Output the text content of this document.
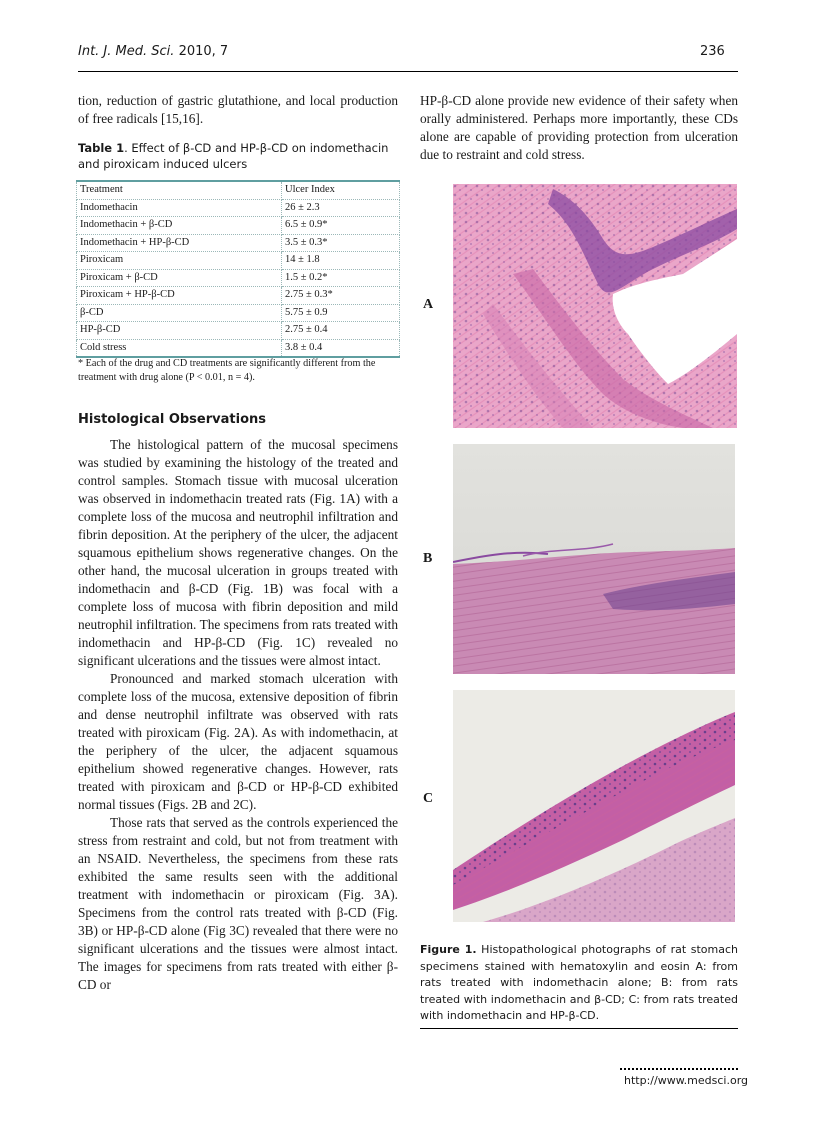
Int. J. Med. Sci. 2010, 7	236

tion, reduction of gastric glutathione, and local production of free radicals [15,16].

Table 1. Effect of β-CD and HP-β-CD on indomethacin and piroxicam induced ulcers
Treatment	Ulcer Index
Indomethacin	26 ± 2.3
Indomethacin + β-CD	6.5 ± 0.9*
Indomethacin + HP-β-CD	3.5 ± 0.3*
Piroxicam	14 ± 1.8
Piroxicam + β-CD	1.5 ± 0.2*
Piroxicam + HP-β-CD	2.75 ± 0.3*
β-CD	5.75 ± 0.9
HP-β-CD	2.75 ± 0.4
Cold stress	3.8 ± 0.4
* Each of the drug and CD treatments are significantly different from the treatment with drug alone (P < 0.01, n = 4).
Histological Observations

The histological pattern of the mucosal specimens was studied by examining the histology of the treated and control samples. Stomach tissue with mucosal ulceration was observed in indomethacin treated rats (Fig. 1A) with a complete loss of the mucosa and neutrophil infiltration and fibrin deposition. At the periphery of the ulcer, the adjacent squamous epithelium shows regenerative changes. On the other hand, the mucosal ulceration in groups treated with indomethacin and β-CD (Fig. 1B) was focal with a complete loss of mucosa with fibrin deposition and mild neutrophil infiltration. The specimens from rats treated with indomethacin and HP-β-CD (Fig. 1C) revealed no significant ulcerations and the tissues were almost intact.

Pronounced and marked stomach ulceration with complete loss of the mucosa, extensive deposition of fibrin and dense neutrophil infiltrate was observed with rats treated with piroxicam (Fig. 2A). As with indomethacin, at the periphery of the ulcer, the adjacent squamous epithelium showed regenerative changes. However, rats treated with piroxicam and β-CD or HP-β-CD exhibited normal tissues (Figs. 2B and 2C).

Those rats that served as the controls experienced the stress from restraint and cold, but not from treatment with an NSAID. Nevertheless, the specimens from these rats exhibited the same results seen with the additional treatment with indomethacin or piroxicam (Fig. 3A). Specimens from the control rats treated with β-CD (Fig. 3B) or HP-β-CD alone (Fig 3C) revealed that there were no significant ulcerations and the tissues were almost intact. The images for specimens from rats treated with either β-CD or

HP-β-CD alone provide new evidence of their safety when orally administered. Perhaps more importantly, these CDs alone are capable of providing protection from ulceration due to restraint and cold stress.

A
B
C
Figure 1. Histopathological photographs of rat stomach specimens stained with hematoxylin and eosin A: from rats treated with indomethacin alone; B: from rats treated with indomethacin and β-CD; C: from rats treated with indomethacin and HP-β-CD.
http://www.medsci.org
